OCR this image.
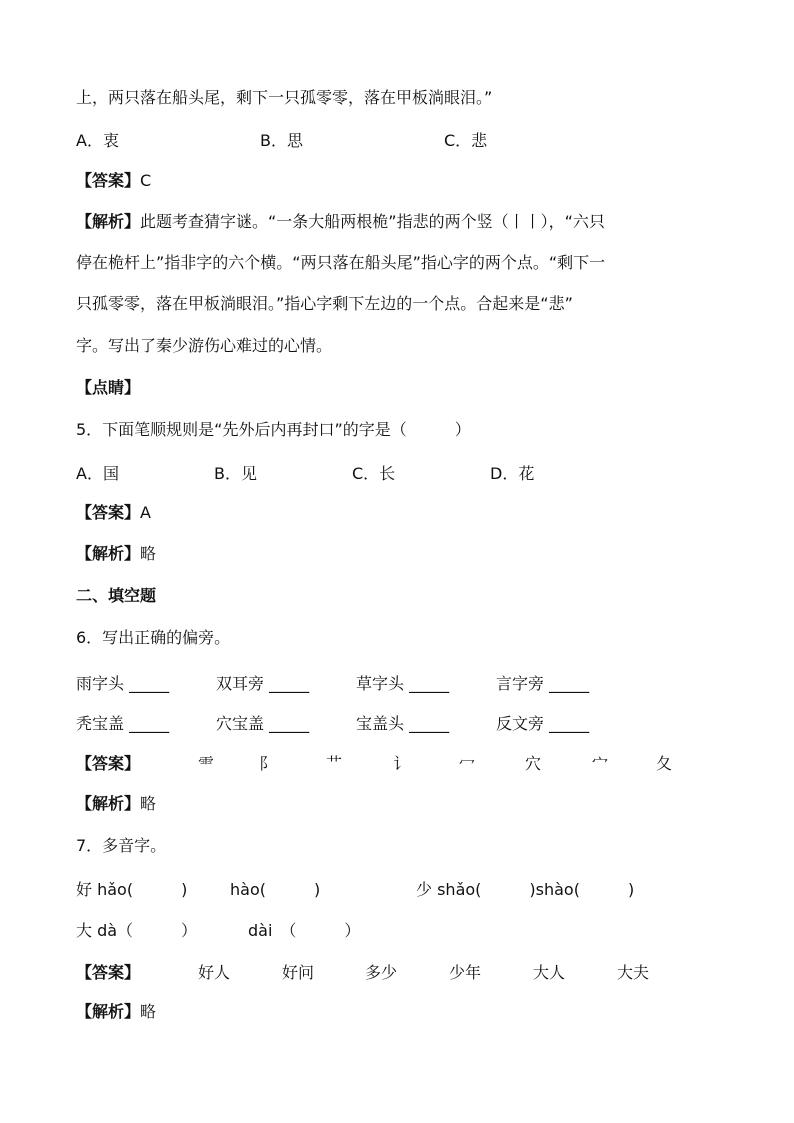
上，两只落在船头尾，剩下一只孤零零，落在甲板淌眼泪。”
A．衷	B．思	C．悲
【答案】C
【解析】此题考查猜字谜。“一条大船两根桅”指悲的两个竖（丨丨），“六只
停在桅杆上”指非字的六个横。“两只落在船头尾”指心字的两个点。“剩下一
只孤零零，落在甲板淌眼泪。”指心字剩下左边的一个点。合起来是“悲”
字。写出了秦少游伤心难过的心情。
【点睛】
5．下面笔顺规则是“先外后内再封口”的字是（　　　）
A．国	B．见	C．长	D．花
【答案】A
【解析】略
二、填空题
6．写出正确的偏旁。
雨字头 _____	双耳旁 _____	草字头 _____	言字旁 _____
秃宝盖 _____	穴宝盖 _____	宝盖头 _____	反文旁 _____
【答案】	⻗	阝	艹	讠	冖	穴	宀	夂
【解析】略
7．多音字。
好 hǎo(　　　)	hào(　　　)	少 shǎo(　　　)shào(　　　)
大 dà（　　　）	dài　（　　　）
【答案】	好人	好问	多少	少年	大人	大夫
【解析】略
